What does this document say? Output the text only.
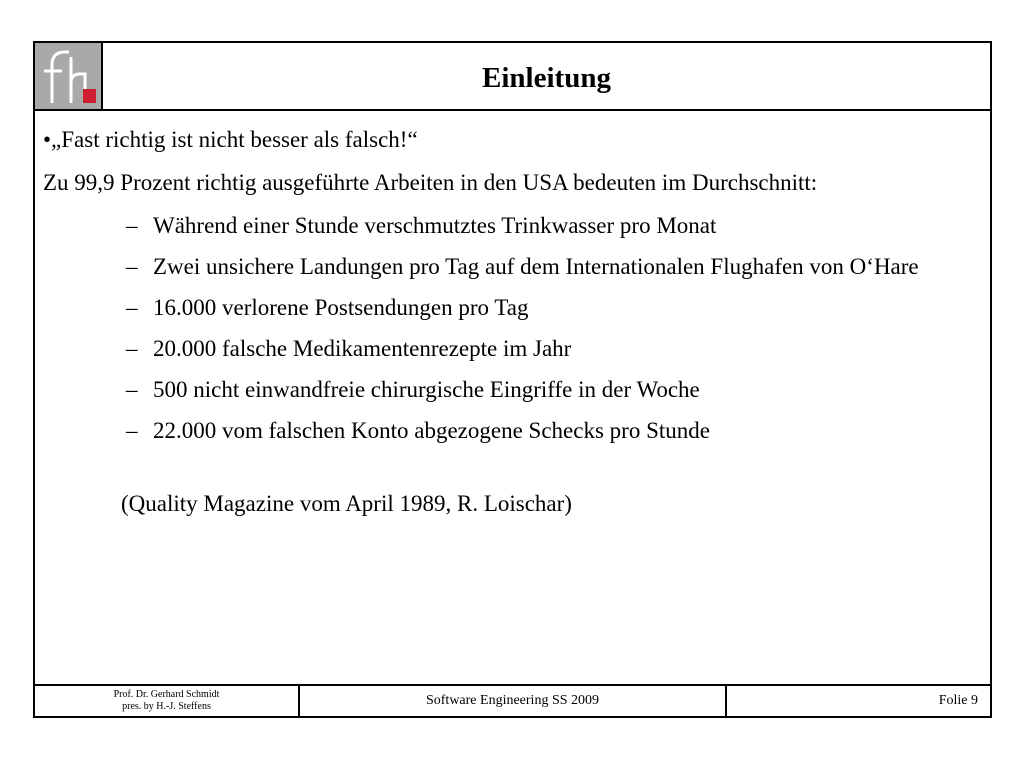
Einleitung

•„Fast richtig ist nicht besser als falsch!“

Zu 99,9 Prozent richtig ausgeführte Arbeiten in den USA bedeuten im Durchschnitt:

– Während einer Stunde verschmutztes Trinkwasser pro Monat
– Zwei unsichere Landungen pro Tag auf dem Internationalen Flughafen von O‘Hare
– 16.000 verlorene Postsendungen pro Tag
– 20.000 falsche Medikamentenrezepte im Jahr
– 500 nicht einwandfreie chirurgische Eingriffe in der Woche
– 22.000 vom falschen Konto abgezogene Schecks pro Stunde

(Quality Magazine vom April 1989, R. Loischar)

Prof. Dr. Gerhard Schmidt
pres. by H.-J. Steffens	Software Engineering SS 2009	Folie 9
